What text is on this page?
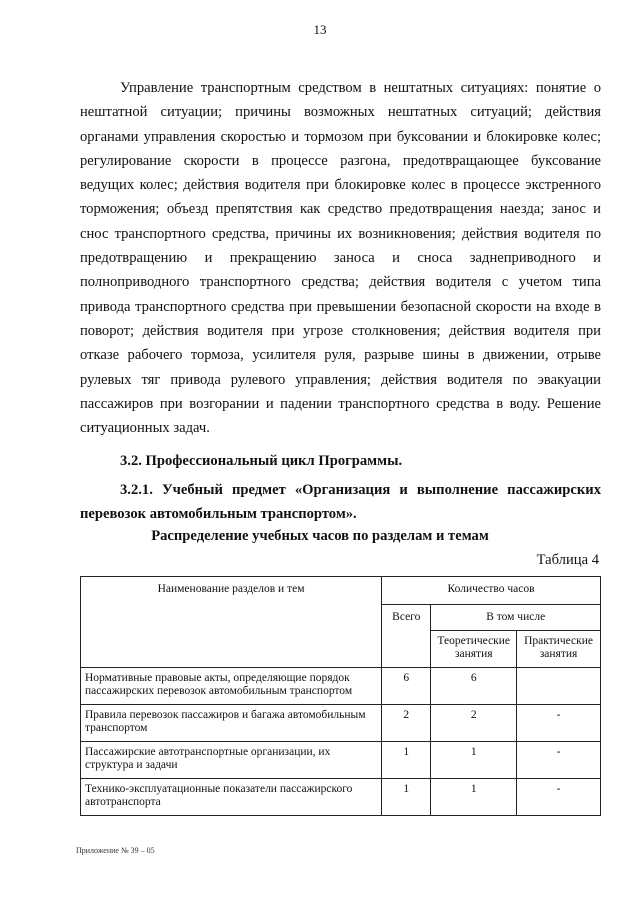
13

Управление транспортным средством в нештатных ситуациях: понятие о нештатной ситуации; причины возможных нештатных ситуаций; действия органами управления скоростью и тормозом при буксовании и блокировке колес; регулирование скорости в процессе разгона, предотвращающее буксование ведущих колес; действия водителя при блокировке колес в процессе экстренного торможения; объезд препятствия как средство предотвращения наезда; занос и снос транспортного средства, причины их возникновения; действия водителя по предотвращению и прекращению заноса и сноса заднеприводного и полноприводного транспортного средства; действия водителя с учетом типа привода транспортного средства при превышении безопасной скорости на входе в поворот; действия водителя при угрозе столкновения; действия водителя при отказе рабочего тормоза, усилителя руля, разрыве шины в движении, отрыве рулевых тяг привода рулевого управления; действия водителя по эвакуации пассажиров при возгорании и падении транспортного средства в воду. Решение ситуационных задач.

3.2. Профессиональный цикл Программы.
3.2.1. Учебный предмет «Организация и выполнение пассажирских перевозок автомобильным транспортом».
Распределение учебных часов по разделам и темам
Таблица 4
Наименование разделов и тем	Количество часов		
	Всего	В том числе	
		Теоретические занятия	Практические занятия
Нормативные правовые акты, определяющие порядок пассажирских перевозок автомобильным транспортом	6	6	
Правила перевозок пассажиров и багажа автомобильным транспортом	2	2	-
Пассажирские автотранспортные организации, их структура и задачи	1	1	-
Технико-эксплуатационные показатели пассажирского автотранспорта	1	1	-
Приложение № 39 – 05
